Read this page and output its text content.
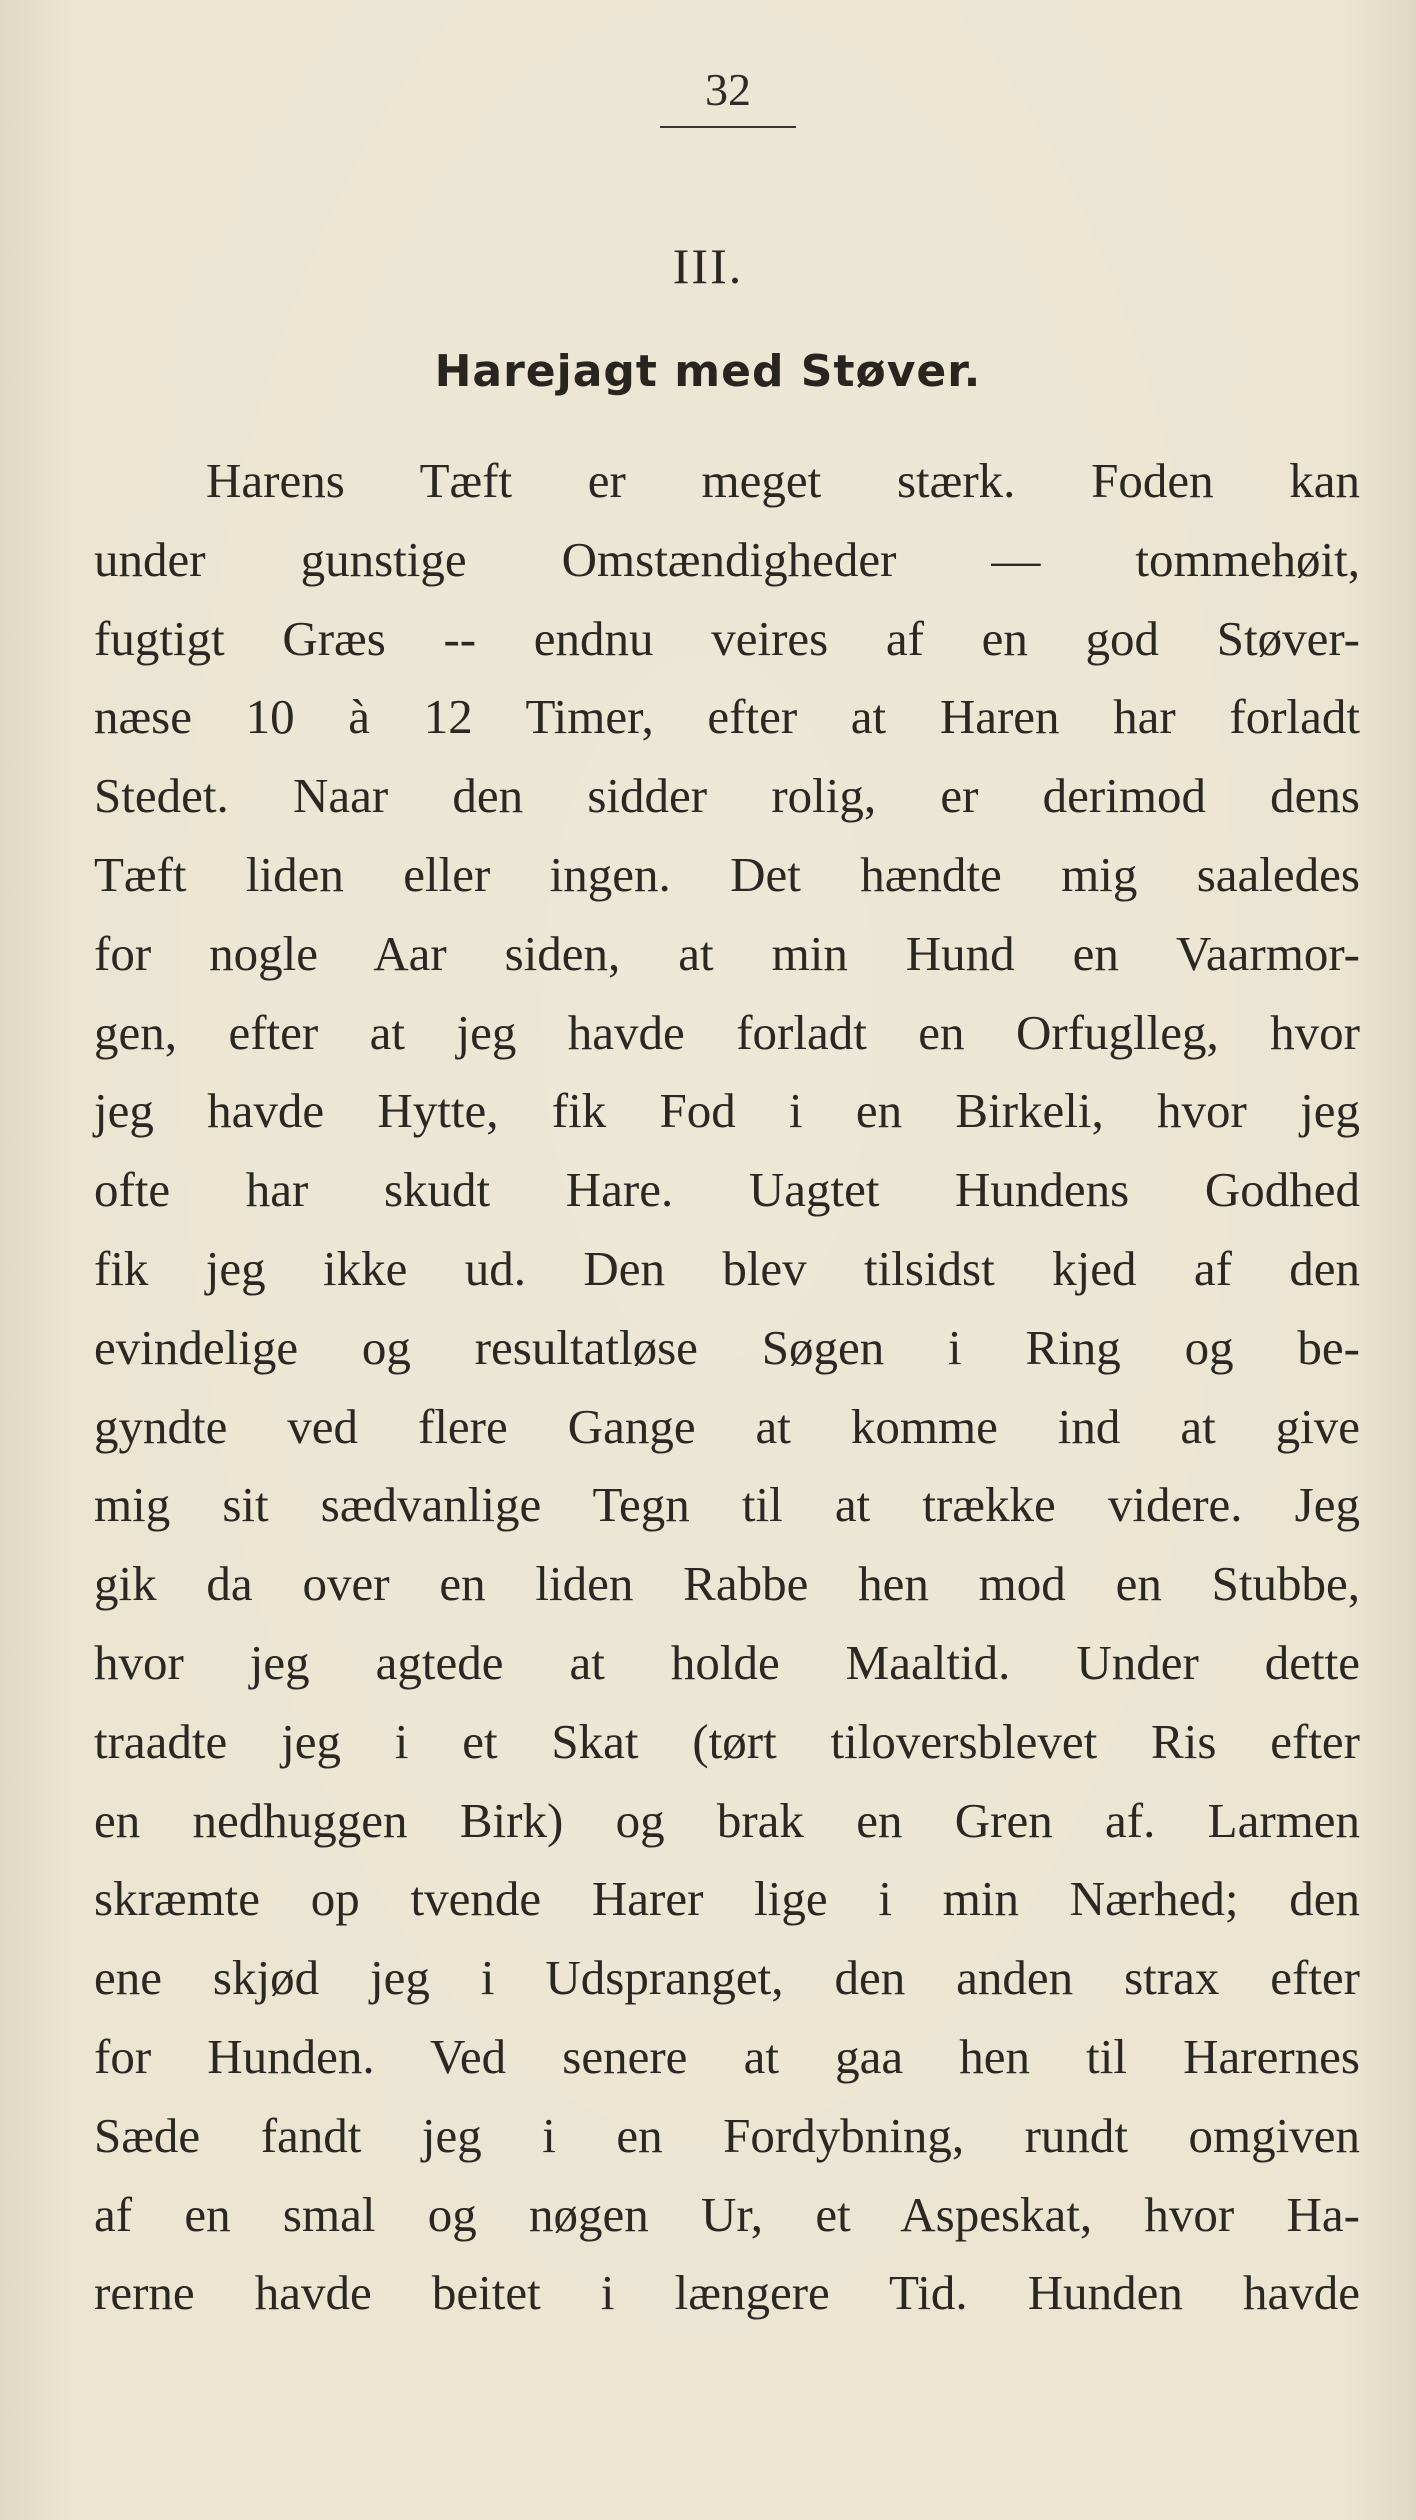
32
III.
Harejagt med Støver.
Harens Tæft er meget stærk. Foden kan
under gunstige Omstændigheder — tommehøit,
fugtigt Græs -- endnu veires af en god Støver-
næse 10 à 12 Timer, efter at Haren har forladt
Stedet. Naar den sidder rolig, er derimod dens
Tæft liden eller ingen. Det hændte mig saaledes
for nogle Aar siden, at min Hund en Vaarmor-
gen, efter at jeg havde forladt en Orfuglleg, hvor
jeg havde Hytte, fik Fod i en Birkeli, hvor jeg
ofte har skudt Hare. Uagtet Hundens Godhed
fik jeg ikke ud. Den blev tilsidst kjed af den
evindelige og resultatløse Søgen i Ring og be-
gyndte ved flere Gange at komme ind at give
mig sit sædvanlige Tegn til at trække videre. Jeg
gik da over en liden Rabbe hen mod en Stubbe,
hvor jeg agtede at holde Maaltid. Under dette
traadte jeg i et Skat (tørt tiloversblevet Ris efter
en nedhuggen Birk) og brak en Gren af. Larmen
skræmte op tvende Harer lige i min Nærhed; den
ene skjød jeg i Udspranget, den anden strax efter
for Hunden. Ved senere at gaa hen til Harernes
Sæde fandt jeg i en Fordybning, rundt omgiven
af en smal og nøgen Ur, et Aspeskat, hvor Ha-
rerne havde beitet i længere Tid. Hunden havde
